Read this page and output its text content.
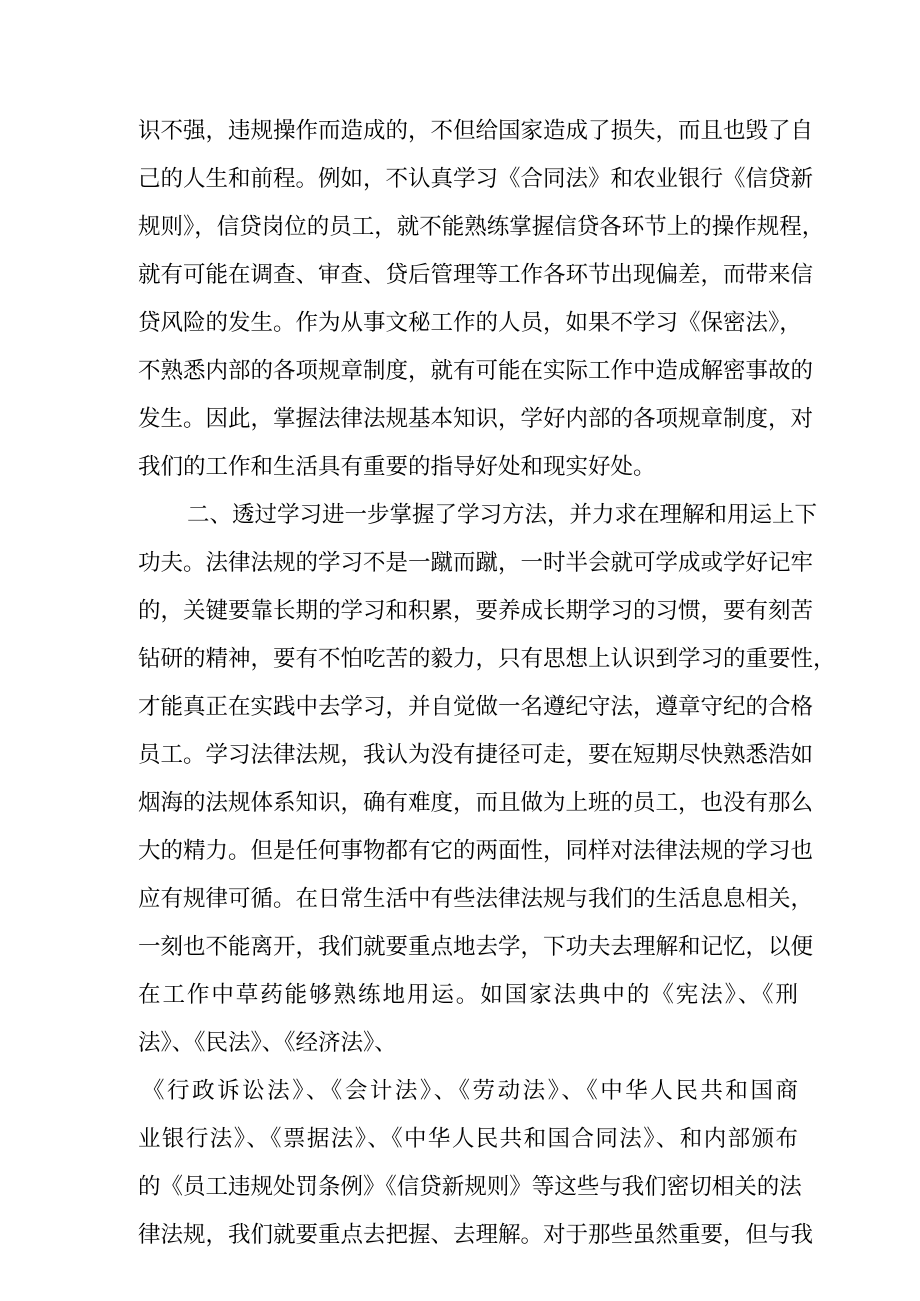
识不强，违规操作而造成的，不但给国家造成了损失，而且也毁了自
己的人生和前程。例如，不认真学习《合同法》和农业银行《信贷新
规则》，信贷岗位的员工，就不能熟练掌握信贷各环节上的操作规程，
就有可能在调查、审查、贷后管理等工作各环节出现偏差，而带来信
贷风险的发生。作为从事文秘工作的人员，如果不学习《保密法》，
不熟悉内部的各项规章制度，就有可能在实际工作中造成解密事故的
发生。因此，掌握法律法规基本知识，学好内部的各项规章制度，对
我们的工作和生活具有重要的指导好处和现实好处。
二、透过学习进一步掌握了学习方法，并力求在理解和用运上下
功夫。法律法规的学习不是一蹴而蹴，一时半会就可学成或学好记牢
的，关键要靠长期的学习和积累，要养成长期学习的习惯，要有刻苦
钻研的精神，要有不怕吃苦的毅力，只有思想上认识到学习的重要性，
才能真正在实践中去学习，并自觉做一名遵纪守法，遵章守纪的合格
员工。学习法律法规，我认为没有捷径可走，要在短期尽快熟悉浩如
烟海的法规体系知识，确有难度，而且做为上班的员工，也没有那么
大的精力。但是任何事物都有它的两面性，同样对法律法规的学习也
应有规律可循。在日常生活中有些法律法规与我们的生活息息相关，
一刻也不能离开，我们就要重点地去学，下功夫去理解和记忆，以便
在工作中草药能够熟练地用运。如国家法典中的《宪法》、《刑
法》、《民法》、《经济法》、
《行政诉讼法》、《会计法》、《劳动法》、《中华人民共和国商
业银行法》、《票据法》、《中华人民共和国合同法》、和内部颁布
的《员工违规处罚条例》《信贷新规则》等这些与我们密切相关的法
律法规，我们就要重点去把握、去理解。对于那些虽然重要，但与我
